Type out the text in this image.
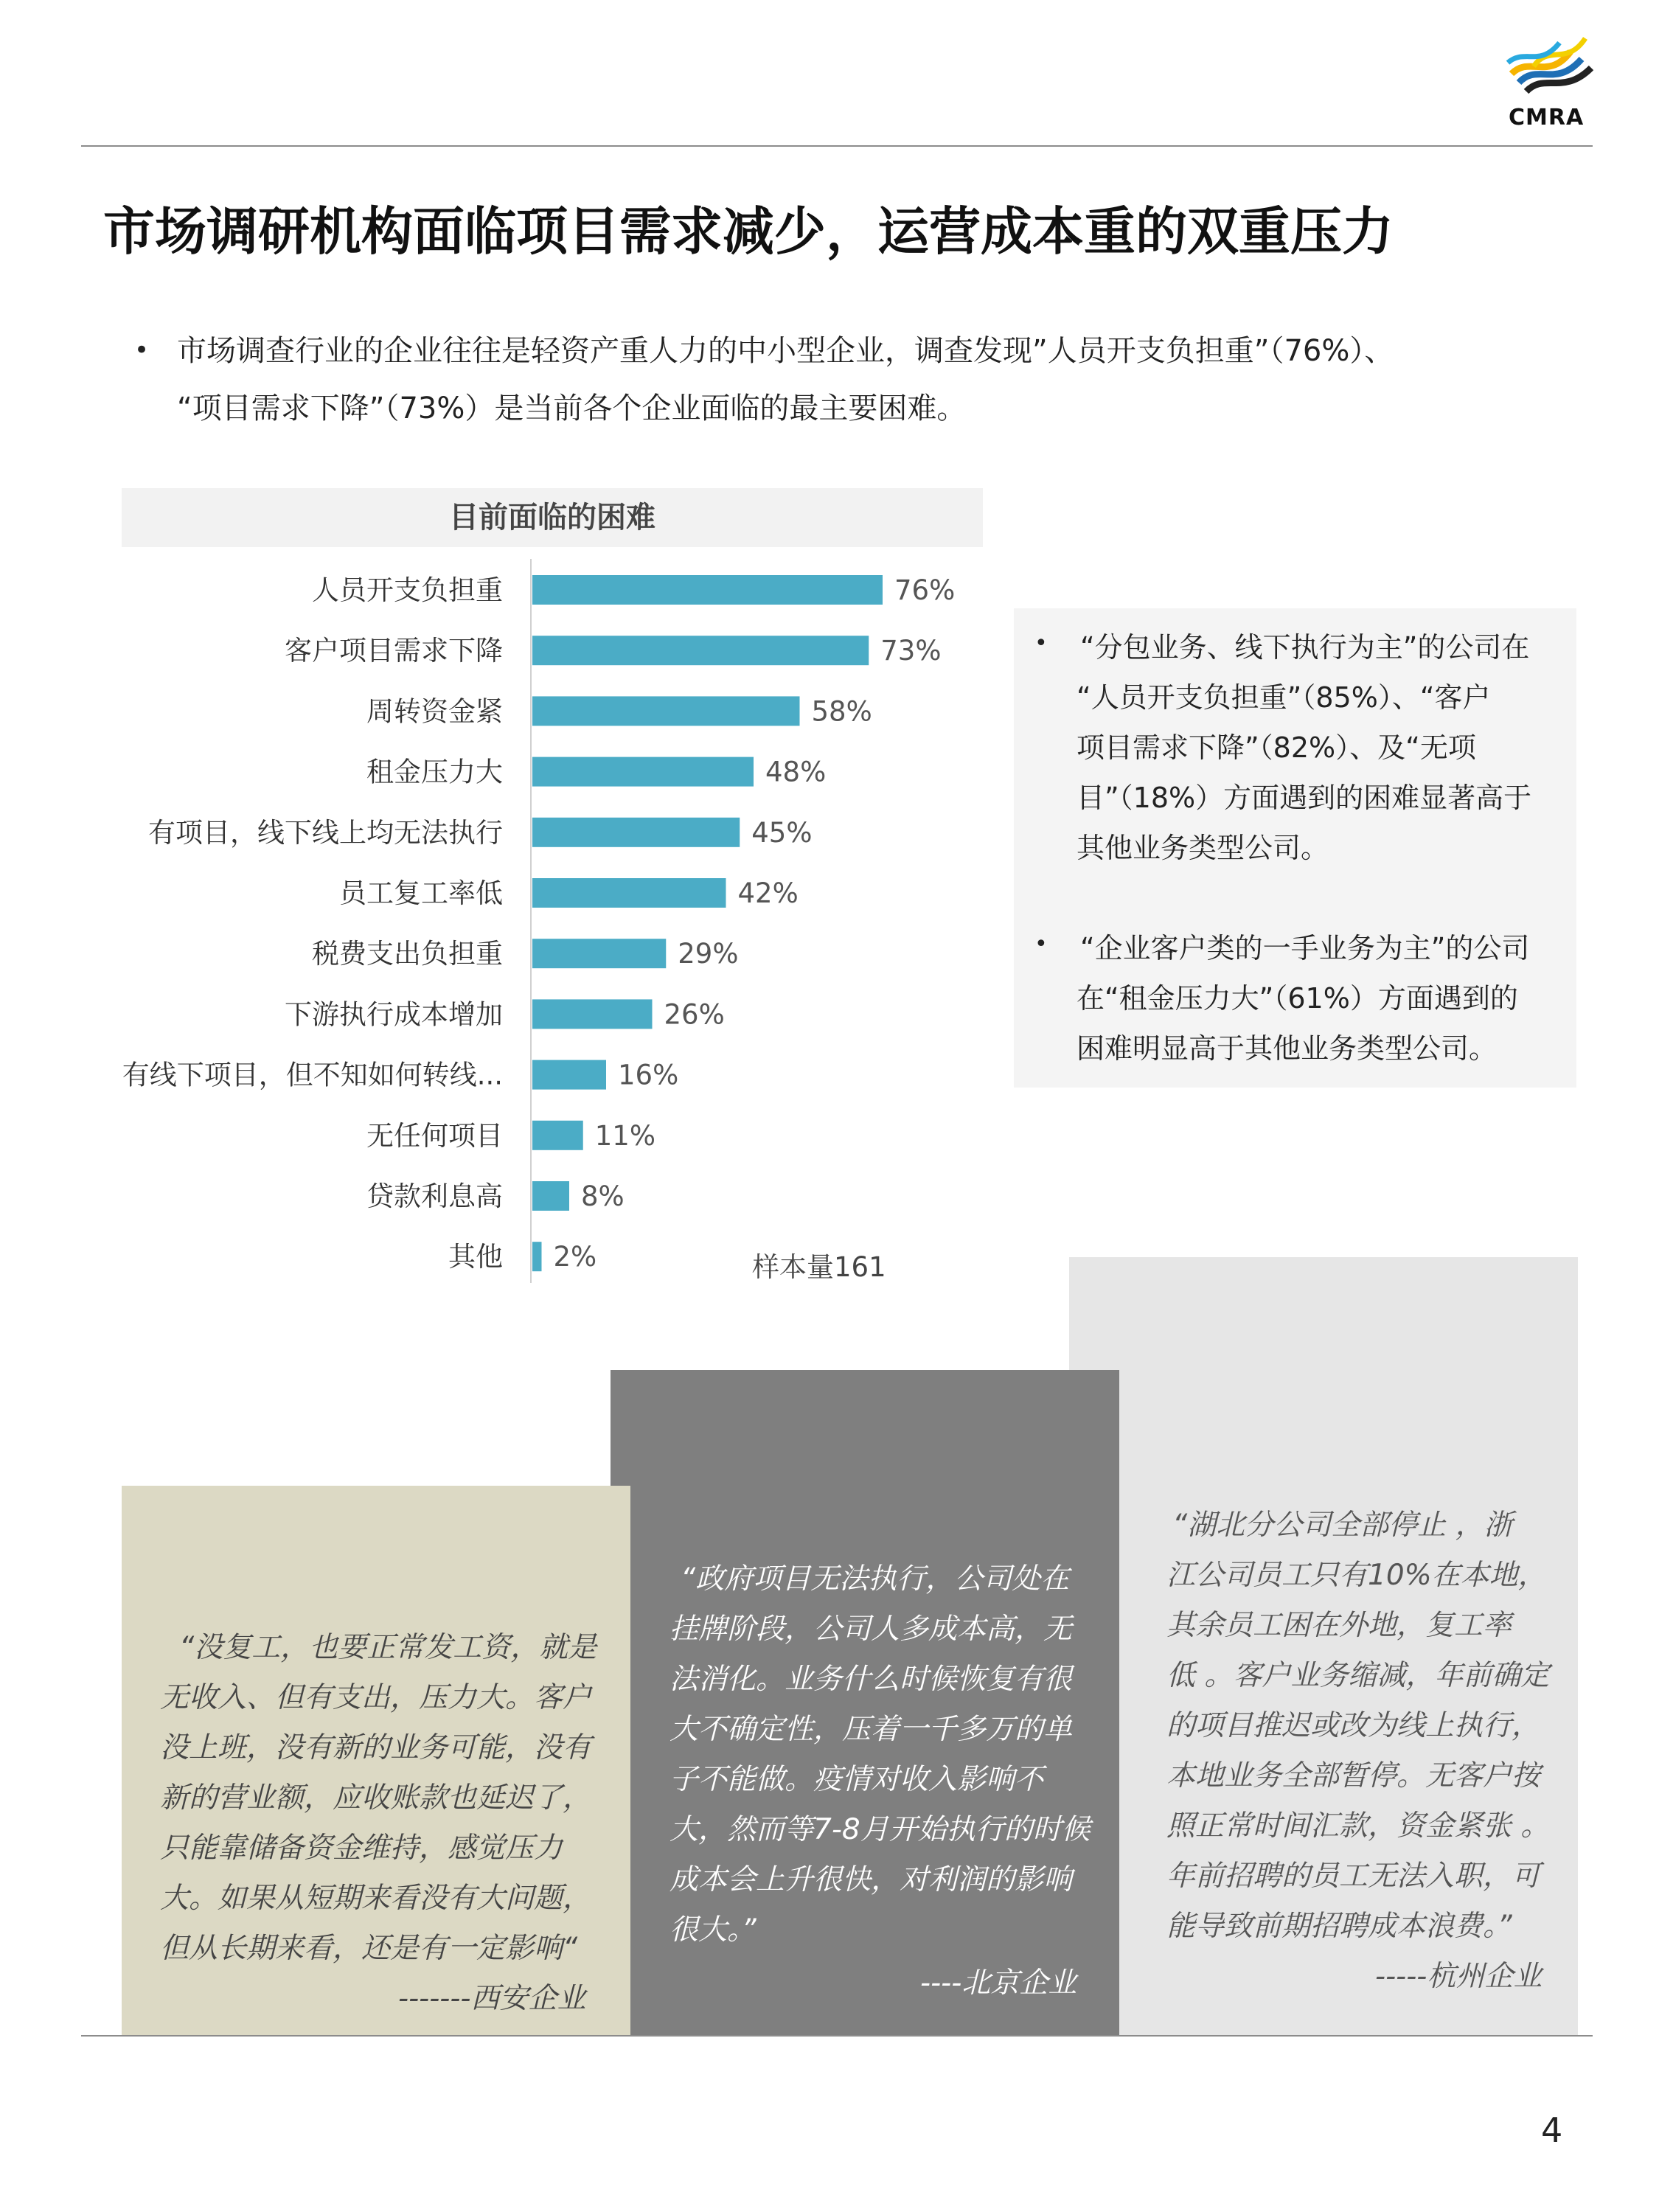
CMRA
市场调研机构面临项目需求减少，运营成本重的双重压力
• 市场调查行业的企业往往是轻资产重人力的中小型企业，调查发现”人员开支负担重”（76%）、
“项目需求下降”（73%）是当前各个企业面临的最主要困难。
目前面临的困难
人员开支负担重	76%
客户项目需求下降	73%
周转资金紧	58%
租金压力大	48%
有项目，线下线上均无法执行	45%
员工复工率低	42%
税费支出负担重	29%
下游执行成本增加	26%
有线下项目，但不知如何转线...	16%
无任何项目	11%
贷款利息高	8%
其他 2%	样本量161
• “分包业务、线下执行为主”的公司在
“人员开支负担重”（85%）、“客户
项目需求下降”（82%）、及“无项
目”（18%）方面遇到的困难显著高于
其他业务类型公司。
• “企业客户类的一手业务为主”的公司
在“租金压力大”（61%）方面遇到的
困难明显高于其他业务类型公司。
“湖北分公司全部停止 ，浙
江公司员工只有10%在本地，
其余员工困在外地，复工率
低 。客户业务缩减，年前确定
的项目推迟或改为线上执行，
本地业务全部暂停。无客户按
照正常时间汇款，资金紧张 。
年前招聘的员工无法入职，可
能导致前期招聘成本浪费。”
-----杭州企业
“政府项目无法执行，公司处在
挂牌阶段，公司人多成本高，无
法消化。业务什么时候恢复有很
大不确定性，压着一千多万的单
子不能做。疫情对收入影响不
大，然而等7-8月开始执行的时候
成本会上升很快，对利润的影响
很大。”
----北京企业
“没复工，也要正常发工资，就是
无收入、但有支出，压力大。客户
没上班，没有新的业务可能，没有
新的营业额，应收账款也延迟了，
只能靠储备资金维持，感觉压力
大。如果从短期来看没有大问题，
但从长期来看，还是有一定影响“
-------西安企业
4
